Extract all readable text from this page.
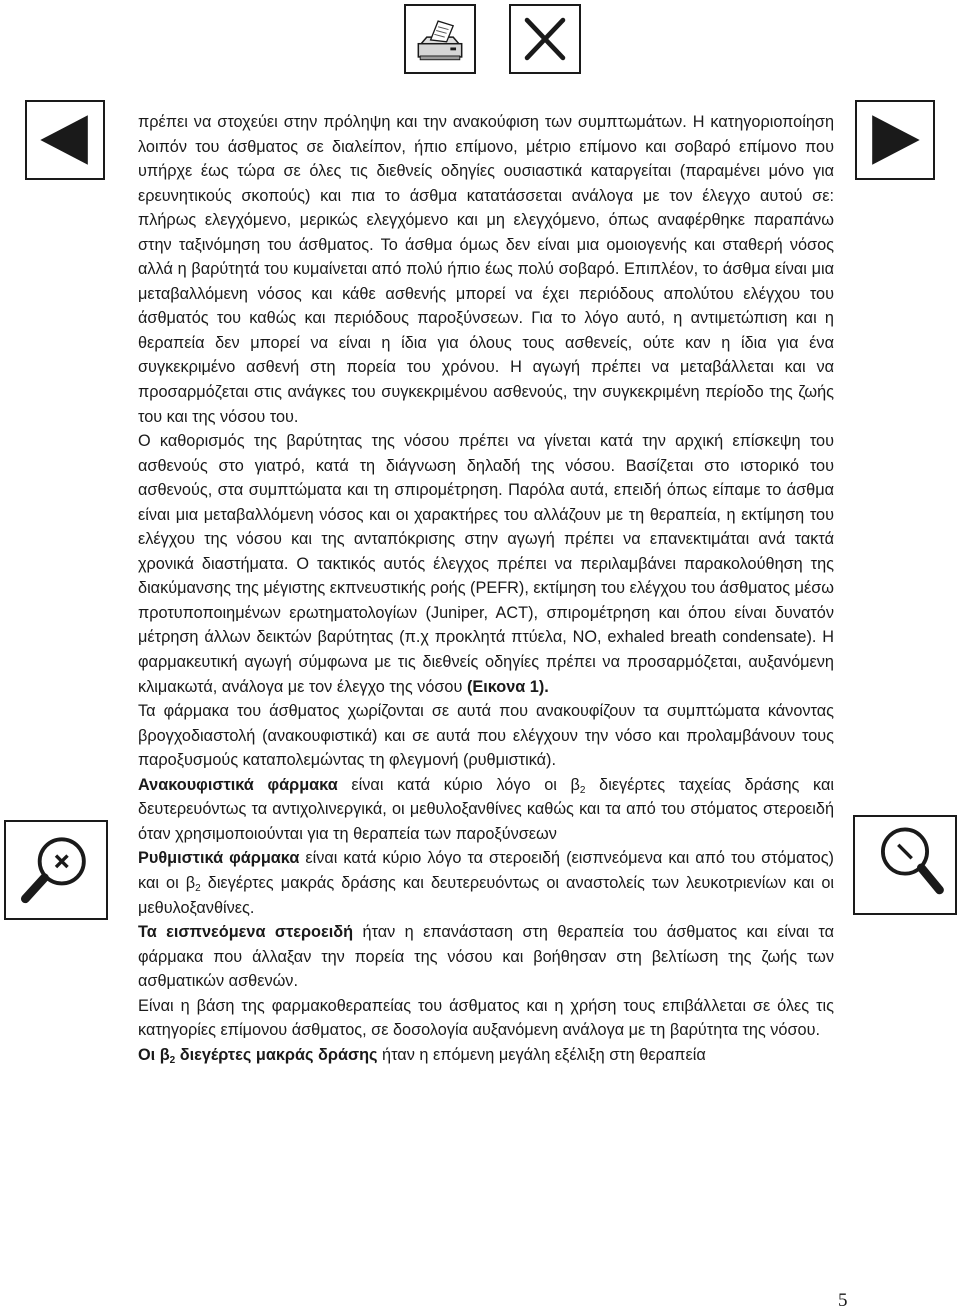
πρέπει να στοχεύει στην πρόληψη και την ανακούφιση των συμπτωμάτων. Η κατηγοριοποίηση λοιπόν του άσθματος σε διαλείπον, ήπιο επίμονο, μέτριο επίμονο και σοβαρό επίμονο που υπήρχε έως τώρα σε όλες τις διεθνείς οδηγίες ουσιαστικά καταργείται (παραμένει μόνο για ερευνητικούς σκοπούς) και πια το άσθμα κατατάσσεται ανάλογα με τον έλεγχο αυτού σε: πλήρως ελεγχόμενο, μερικώς ελεγχόμενο και μη ελεγχόμενο, όπως αναφέρθηκε παραπάνω στην ταξινόμηση του άσθματος. Το άσθμα όμως δεν είναι μια ομοιογενής και σταθερή νόσος αλλά η βαρύτητά του κυμαίνεται από πολύ ήπιο έως πολύ σοβαρό. Επιπλέον, το άσθμα είναι μια μεταβαλλόμενη νόσος και κάθε ασθενής μπορεί να έχει περιόδους απολύτου ελέγχου του άσθματός του καθώς και περιόδους παροξύνσεων. Για το λόγο αυτό, η αντιμετώπιση και η θεραπεία δεν μπορεί να είναι η ίδια για όλους τους ασθενείς, ούτε καν η ίδια για ένα συγκεκριμένο ασθενή στη πορεία του χρόνου. Η αγωγή πρέπει να μεταβάλλεται και να προσαρμόζεται στις ανάγκες του συγκεκριμένου ασθενούς, την συγκεκριμένη περίοδο της ζωής του και της νόσου του.

Ο καθορισμός της βαρύτητας της νόσου πρέπει να γίνεται κατά την αρχική επίσκεψη του ασθενούς στο γιατρό, κατά τη διάγνωση δηλαδή της νόσου. Βασίζεται στο ιστορικό του ασθενούς, στα συμπτώματα και τη σπιρομέτρηση. Παρόλα αυτά, επειδή όπως είπαμε το άσθμα είναι μια μεταβαλλόμενη νόσος και οι χαρακτήρες του αλλάζουν με τη θεραπεία, η εκτίμηση του ελέγχου της νόσου και της ανταπόκρισης στην αγωγή πρέπει να επανεκτιμάται ανά τακτά χρονικά διαστήματα. Ο τακτικός αυτός έλεγχος πρέπει να περιλαμβάνει παρακολούθηση της διακύμανσης της μέγιστης εκπνευστικής ροής (PEFR), εκτίμηση του ελέγχου του άσθματος μέσω προτυποποιημένων ερωτηματολογίων (Juniper, ACT), σπιρομέτρηση και όπου είναι δυνατόν μέτρηση άλλων δεικτών βαρύτητας (π.χ προκλητά πτύελα, NO, exhaled breath condensate). Η φαρμακευτική αγωγή σύμφωνα με τις διεθνείς οδηγίες πρέπει να προσαρμόζεται, αυξανόμενη κλιμακωτά, ανάλογα με τον έλεγχο της νόσου (Εικονα 1).

Τα φάρμακα του άσθματος χωρίζονται σε αυτά που ανακουφίζουν τα συμπτώματα κάνοντας βρογχοδιαστολή (ανακουφιστικά) και σε αυτά που ελέγχουν την νόσο και προλαμβάνουν τους παροξυσμούς καταπολεμώντας τη φλεγμονή (ρυθμιστικά).

Ανακουφιστικά φάρμακα είναι κατά κύριο λόγο οι $\beta_2$ διεγέρτες ταχείας δράσης και δευτερευόντως τα αντιχολινεργικά, οι μεθυλοξανθίνες καθώς και τα από του στόματος στεροειδή όταν χρησιμοποιούνται για τη θεραπεία των παροξύνσεων

Ρυθμιστικά φάρμακα είναι κατά κύριο λόγο τα στεροειδή (εισπνεόμενα και από του στόματος) και οι $\beta_2$ διεγέρτες μακράς δράσης και δευτερευόντως οι αναστολείς των λευκοτριενίων και οι μεθυλοξανθίνες.

Τα εισπνεόμενα στεροειδή ήταν η επανάσταση στη θεραπεία του άσθματος και είναι τα φάρμακα που άλλαξαν την πορεία της νόσου και βοήθησαν στη βελτίωση της ζωής των ασθματικών ασθενών.

Είναι η βάση της φαρμακοθεραπείας του άσθματος και η χρήση τους επιβάλλεται σε όλες τις κατηγορίες επίμονου άσθματος, σε δοσολογία αυξανόμενη ανάλογα με τη βαρύτητα της νόσου.

Οι $\beta_2$ διεγέρτες μακράς δράσης ήταν η επόμενη μεγάλη εξέλιξη στη θεραπεία

5
